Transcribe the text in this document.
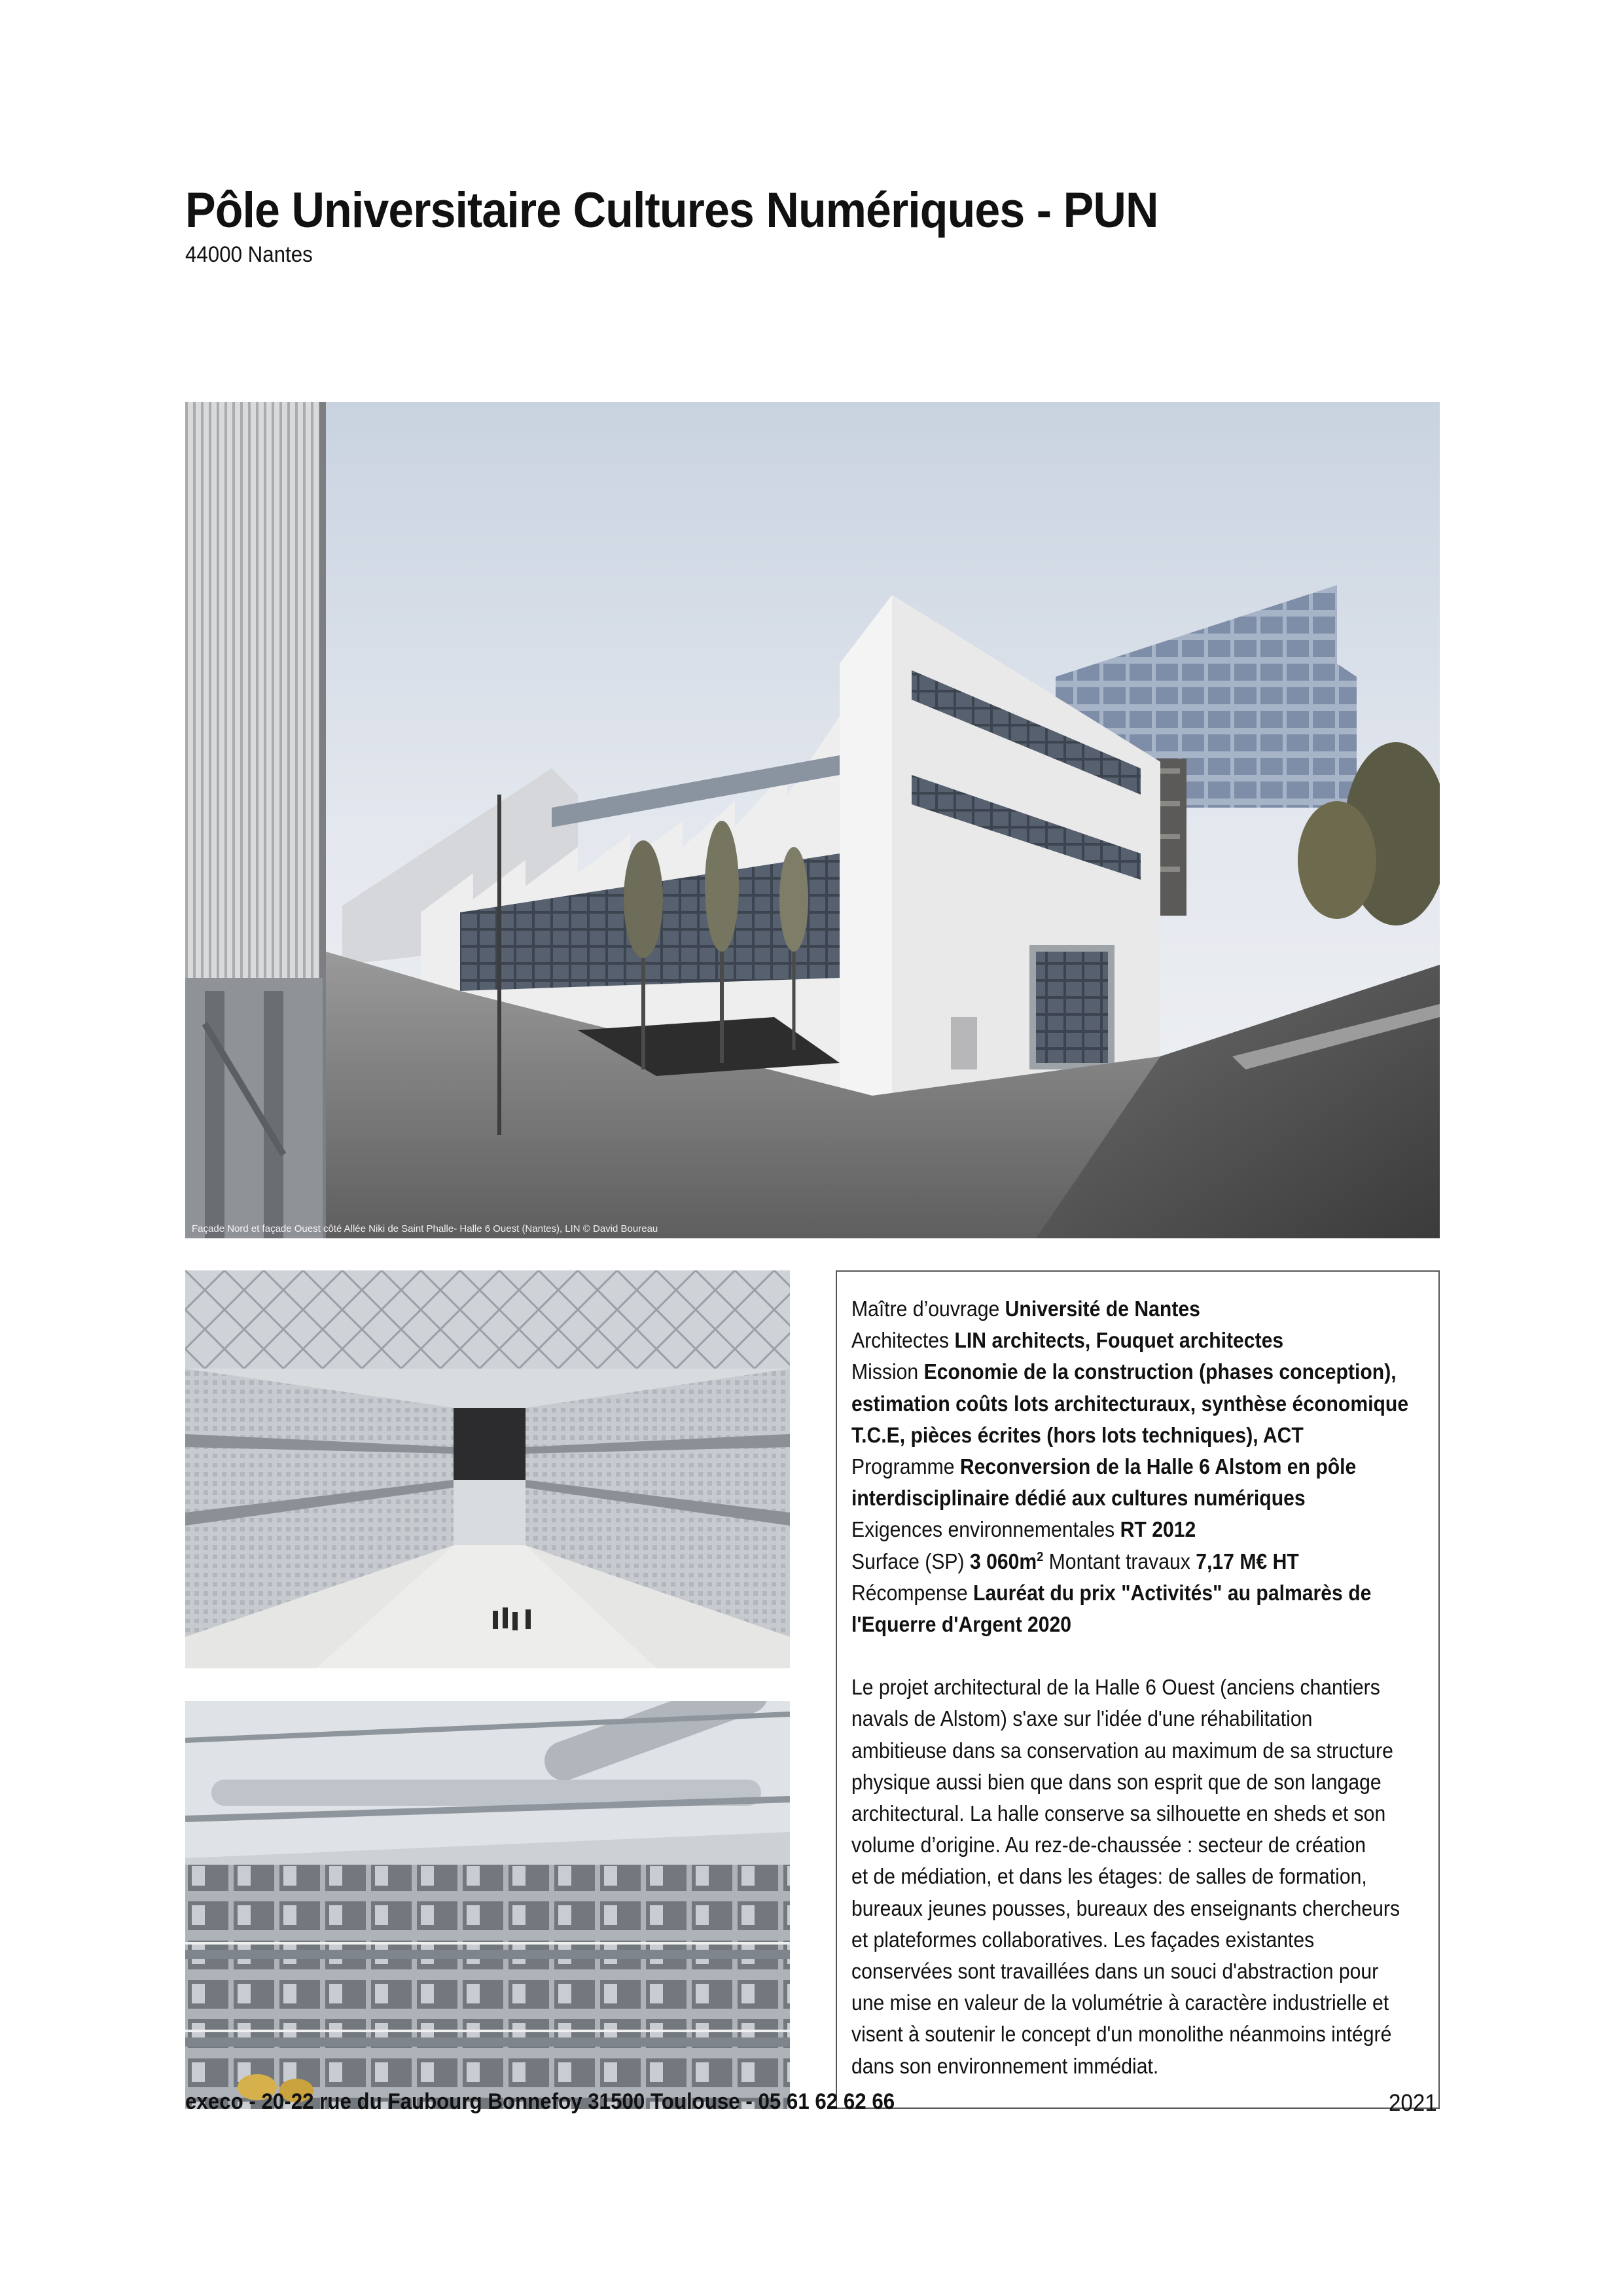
Pôle Universitaire Cultures Numériques - PUN
44000 Nantes
Façade Nord et façade Ouest côté Allée Niki de Saint Phalle- Halle 6 Ouest (Nantes), LIN © David Boureau
Maître d’ouvrage Université de Nantes
Architectes LIN architects, Fouquet architectes
Mission Economie de la construction (phases conception),
estimation coûts lots architecturaux, synthèse économique
T.C.E, pièces écrites (hors lots techniques), ACT
Programme Reconversion de la Halle 6 Alstom en pôle
interdisciplinaire dédié aux cultures numériques
Exigences environnementales RT 2012
Surface (SP) 3 $060m^2$ Montant travaux 7,17 M€ HT
Récompense Lauréat du prix "Activités" au palmarès de
l'Equerre d'Argent 2020
Le projet architectural de la Halle 6 Ouest (anciens chantiers
navals de Alstom) s'axe sur l'idée d'une réhabilitation
ambitieuse dans sa conservation au maximum de sa structure
physique aussi bien que dans son esprit que de son langage
architectural. La halle conserve sa silhouette en sheds et son
volume d’origine. Au rez-de-chaussée : secteur de création
et de médiation, et dans les étages: de salles de formation,
bureaux jeunes pousses, bureaux des enseignants chercheurs
et plateformes collaboratives. Les façades existantes
conservées sont travaillées dans un souci d'abstraction pour
une mise en valeur de la volumétrie à caractère industrielle et
visent à soutenir le concept d'un monolithe néanmoins intégré
dans son environnement immédiat.
execo - 20-22 rue du Faubourg Bonnefoy 31500 Toulouse - 05 61 62 62 66	2021
